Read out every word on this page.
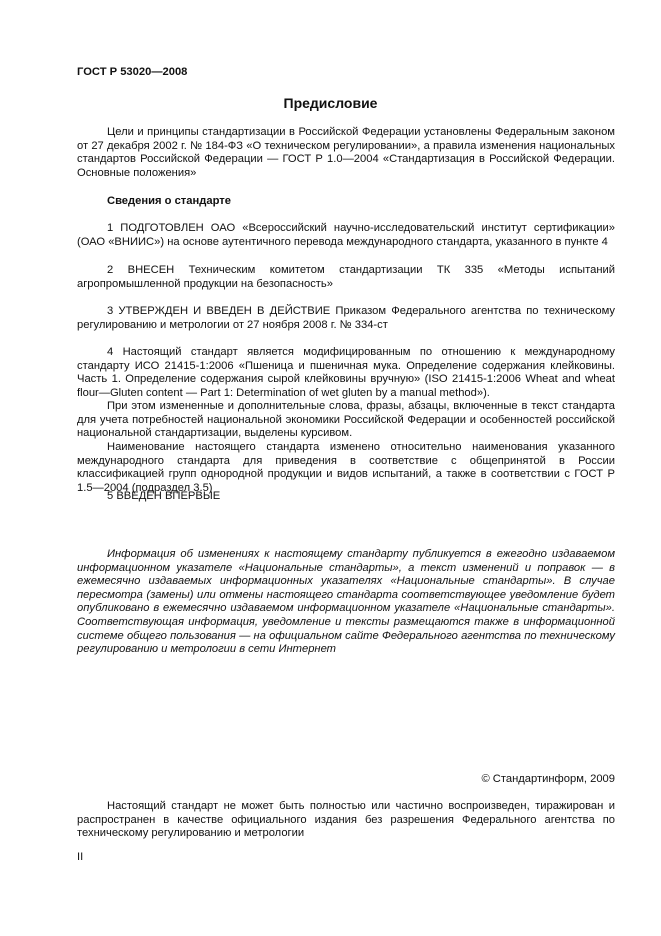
ГОСТ Р 53020—2008
Предисловие

Цели и принципы стандартизации в Российской Федерации установлены Федеральным законом от 27 декабря 2002 г. № 184-ФЗ «О техническом регулировании», а правила изменения национальных стандартов Российской Федерации — ГОСТ Р 1.0—2004 «Стандартизация в Российской Федерации. Основные положения»

Сведения о стандарте

1 ПОДГОТОВЛЕН ОАО «Всероссийский научно-исследовательский институт сертификации» (ОАО «ВНИИС») на основе аутентичного перевода международного стандарта, указанного в пункте 4

2 ВНЕСЕН Техническим комитетом стандартизации ТК 335 «Методы испытаний агропромышленной продукции на безопасность»

3 УТВЕРЖДЕН И ВВЕДЕН В ДЕЙСТВИЕ Приказом Федерального агентства по техническому регулированию и метрологии от 27 ноября 2008 г. № 334-ст

4 Настоящий стандарт является модифицированным по отношению к международному стандарту ИСО 21415-1:2006 «Пшеница и пшеничная мука. Определение содержания клейковины. Часть 1. Определение содержания сырой клейковины вручную» (ISO 21415-1:2006 Wheat and wheat flour—Gluten content — Part 1: Determination of wet gluten by a manual method»).

При этом измененные и дополнительные слова, фразы, абзацы, включенные в текст стандарта для учета потребностей национальной экономики Российской Федерации и особенностей российской национальной стандартизации, выделены курсивом.

Наименование настоящего стандарта изменено относительно наименования указанного международного стандарта для приведения в соответствие с общепринятой в России классификацией групп однородной продукции и видов испытаний, а также в соответствии с ГОСТ Р 1.5—2004 (подраздел 3.5)

5 ВВЕДЕН ВПЕРВЫЕ

Информация об изменениях к настоящему стандарту публикуется в ежегодно издаваемом информационном указателе «Национальные стандарты», а текст изменений и поправок — в ежемесячно издаваемых информационных указателях «Национальные стандарты». В случае пересмотра (замены) или отмены настоящего стандарта соответствующее уведомление будет опубликовано в ежемесячно издаваемом информационном указателе «Национальные стандарты». Соответствующая информация, уведомление и тексты размещаются также в информационной системе общего пользования — на официальном сайте Федерального агентства по техническому регулированию и метрологии в сети Интернет

© Стандартинформ, 2009

Настоящий стандарт не может быть полностью или частично воспроизведен, тиражирован и распространен в качестве официального издания без разрешения Федерального агентства по техническому регулированию и метрологии

II
